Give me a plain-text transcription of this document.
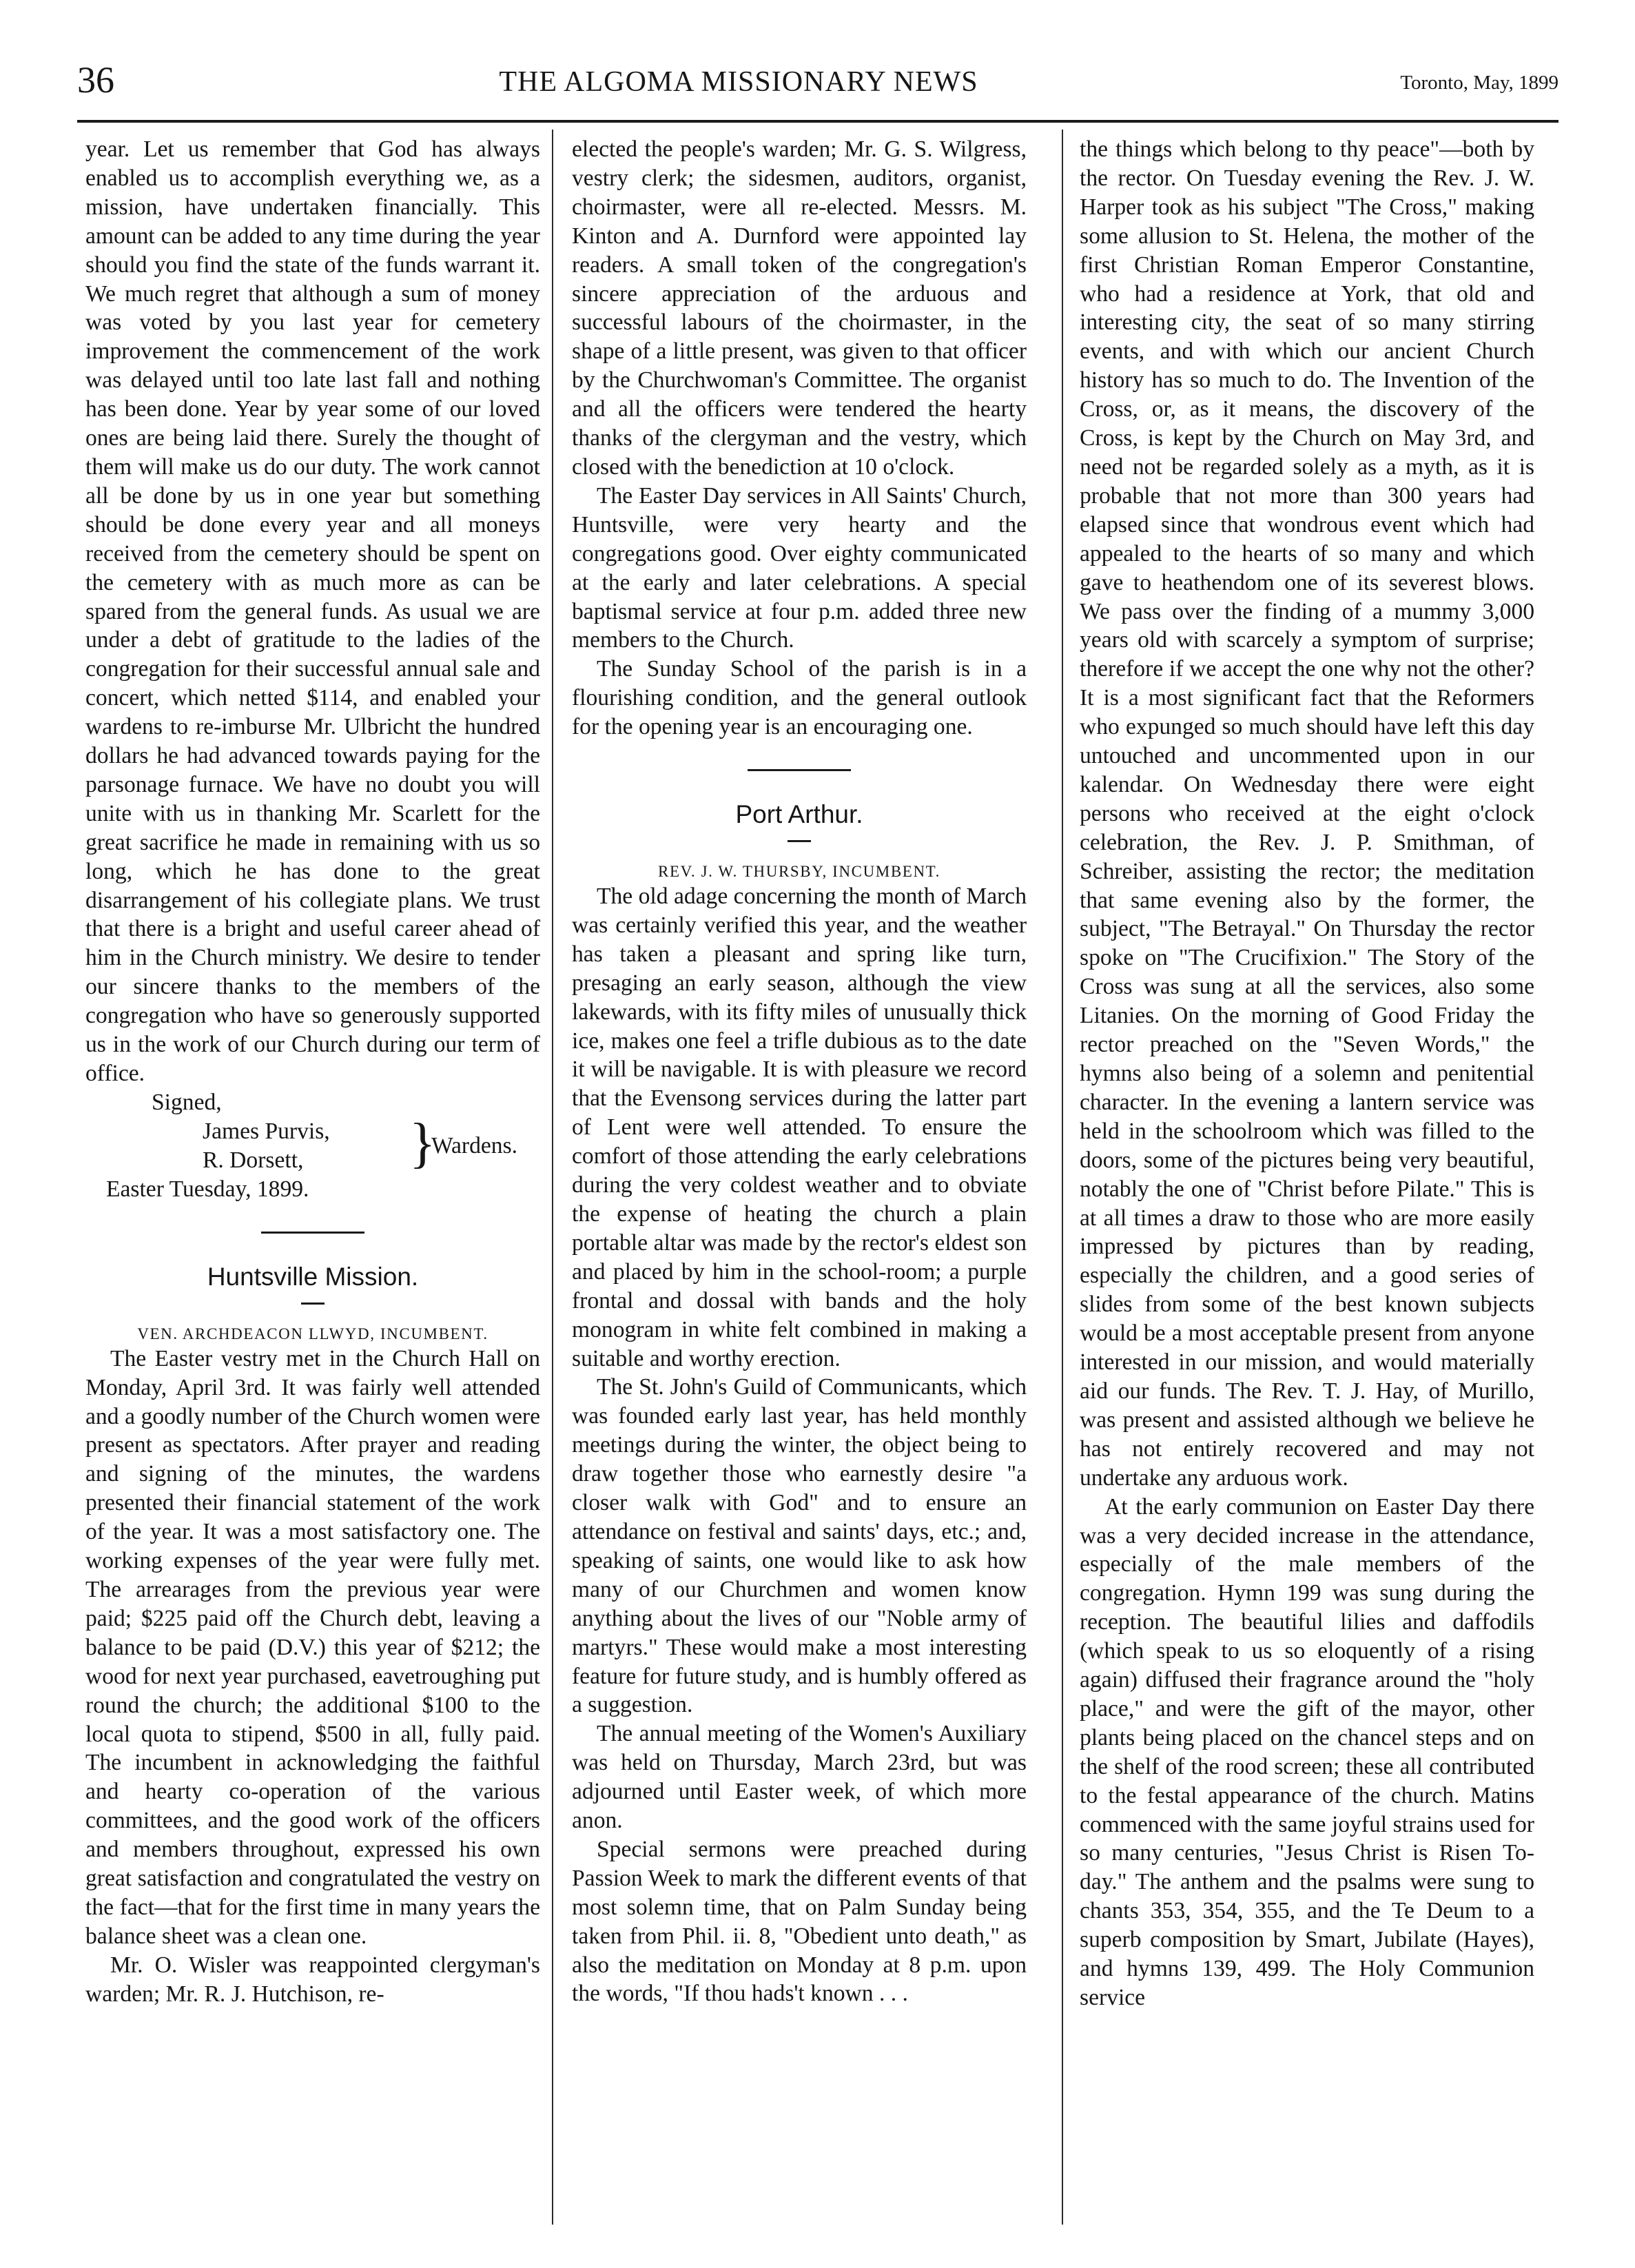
36	THE ALGOMA MISSIONARY NEWS	Toronto, May, 1899

year. Let us remember that God has always enabled us to accomplish everything we, as a mission, have undertaken financially. This amount can be added to any time during the year should you find the state of the funds warrant it. We much regret that although a sum of money was voted by you last year for cemetery improvement the commencement of the work was delayed until too late last fall and nothing has been done. Year by year some of our loved ones are being laid there. Surely the thought of them will make us do our duty. The work cannot all be done by us in one year but something should be done every year and all moneys received from the cemetery should be spent on the cemetery with as much more as can be spared from the general funds. As usual we are under a debt of gratitude to the ladies of the congregation for their successful annual sale and concert, which netted $114, and enabled your wardens to re-imburse Mr. Ulbricht the hundred dollars he had advanced towards paying for the parsonage furnace. We have no doubt you will unite with us in thanking Mr. Scarlett for the great sacrifice he made in remaining with us so long, which he has done to the great disarrangement of his collegiate plans. We trust that there is a bright and useful career ahead of him in the Church ministry. We desire to tender our sincere thanks to the members of the congregation who have so generously supported us in the work of our Church during our term of office.

Signed,

James Purvis,
R. Dorsett,	}
Wardens.

Easter Tuesday, 1899.

Huntsville Mission.

VEN. ARCHDEACON LLWYD, INCUMBENT.

The Easter vestry met in the Church Hall on Monday, April 3rd. It was fairly well attended and a goodly number of the Church women were present as spectators. After prayer and reading and signing of the minutes, the wardens presented their financial statement of the work of the year. It was a most satisfactory one. The working expenses of the year were fully met. The arrearages from the previous year were paid; $225 paid off the Church debt, leaving a balance to be paid (D.V.) this year of $212; the wood for next year purchased, eavetroughing put round the church; the additional $100 to the local quota to stipend, $500 in all, fully paid. The incumbent in acknowledging the faithful and hearty co-operation of the various committees, and the good work of the officers and members throughout, expressed his own great satisfaction and congratulated the vestry on the fact—that for the first time in many years the balance sheet was a clean one.

Mr. O. Wisler was reappointed clergyman's warden; Mr. R. J. Hutchison, re-

elected the people's warden; Mr. G. S. Wilgress, vestry clerk; the sidesmen, auditors, organist, choirmaster, were all re-elected. Messrs. M. Kinton and A. Durnford were appointed lay readers. A small token of the congregation's sincere appreciation of the arduous and successful labours of the choirmaster, in the shape of a little present, was given to that officer by the Churchwoman's Committee. The organist and all the officers were tendered the hearty thanks of the clergyman and the vestry, which closed with the benediction at 10 o'clock.

The Easter Day services in All Saints' Church, Huntsville, were very hearty and the congregations good. Over eighty communicated at the early and later celebrations. A special baptismal service at four p.m. added three new members to the Church.

The Sunday School of the parish is in a flourishing condition, and the general outlook for the opening year is an encouraging one.

Port Arthur.

REV. J. W. THURSBY, INCUMBENT.

The old adage concerning the month of March was certainly verified this year, and the weather has taken a pleasant and spring like turn, presaging an early season, although the view lakewards, with its fifty miles of unusually thick ice, makes one feel a trifle dubious as to the date it will be navigable. It is with pleasure we record that the Evensong services during the latter part of Lent were well attended. To ensure the comfort of those attending the early celebrations during the very coldest weather and to obviate the expense of heating the church a plain portable altar was made by the rector's eldest son and placed by him in the school-room; a purple frontal and dossal with bands and the holy monogram in white felt combined in making a suitable and worthy erection.

The St. John's Guild of Communicants, which was founded early last year, has held monthly meetings during the winter, the object being to draw together those who earnestly desire "a closer walk with God" and to ensure an attendance on festival and saints' days, etc.; and, speaking of saints, one would like to ask how many of our Churchmen and women know anything about the lives of our "Noble army of martyrs." These would make a most interesting feature for future study, and is humbly offered as a suggestion.

The annual meeting of the Women's Auxiliary was held on Thursday, March 23rd, but was adjourned until Easter week, of which more anon.

Special sermons were preached during Passion Week to mark the different events of that most solemn time, that on Palm Sunday being taken from Phil. ii. 8, "Obedient unto death," as also the meditation on Monday at 8 p.m. upon the words, "If thou hads't known . . .

the things which belong to thy peace"—both by the rector. On Tuesday evening the Rev. J. W. Harper took as his subject "The Cross," making some allusion to St. Helena, the mother of the first Christian Roman Emperor Constantine, who had a residence at York, that old and interesting city, the seat of so many stirring events, and with which our ancient Church history has so much to do. The Invention of the Cross, or, as it means, the discovery of the Cross, is kept by the Church on May 3rd, and need not be regarded solely as a myth, as it is probable that not more than 300 years had elapsed since that wondrous event which had appealed to the hearts of so many and which gave to heathendom one of its severest blows. We pass over the finding of a mummy 3,000 years old with scarcely a symptom of surprise; therefore if we accept the one why not the other? It is a most significant fact that the Reformers who expunged so much should have left this day untouched and uncommented upon in our kalendar. On Wednesday there were eight persons who received at the eight o'clock celebration, the Rev. J. P. Smithman, of Schreiber, assisting the rector; the meditation that same evening also by the former, the subject, "The Betrayal." On Thursday the rector spoke on "The Crucifixion." The Story of the Cross was sung at all the services, also some Litanies. On the morning of Good Friday the rector preached on the "Seven Words," the hymns also being of a solemn and penitential character. In the evening a lantern service was held in the schoolroom which was filled to the doors, some of the pictures being very beautiful, notably the one of "Christ before Pilate." This is at all times a draw to those who are more easily impressed by pictures than by reading, especially the children, and a good series of slides from some of the best known subjects would be a most acceptable present from anyone interested in our mission, and would materially aid our funds. The Rev. T. J. Hay, of Murillo, was present and assisted although we believe he has not entirely recovered and may not undertake any arduous work.

At the early communion on Easter Day there was a very decided increase in the attendance, especially of the male members of the congregation. Hymn 199 was sung during the reception. The beautiful lilies and daffodils (which speak to us so eloquently of a rising again) diffused their fragrance around the "holy place," and were the gift of the mayor, other plants being placed on the chancel steps and on the shelf of the rood screen; these all contributed to the festal appearance of the church. Matins commenced with the same joyful strains used for so many centuries, "Jesus Christ is Risen To-day." The anthem and the psalms were sung to chants 353, 354, 355, and the Te Deum to a superb composition by Smart, Jubilate (Hayes), and hymns 139, 499. The Holy Communion service
